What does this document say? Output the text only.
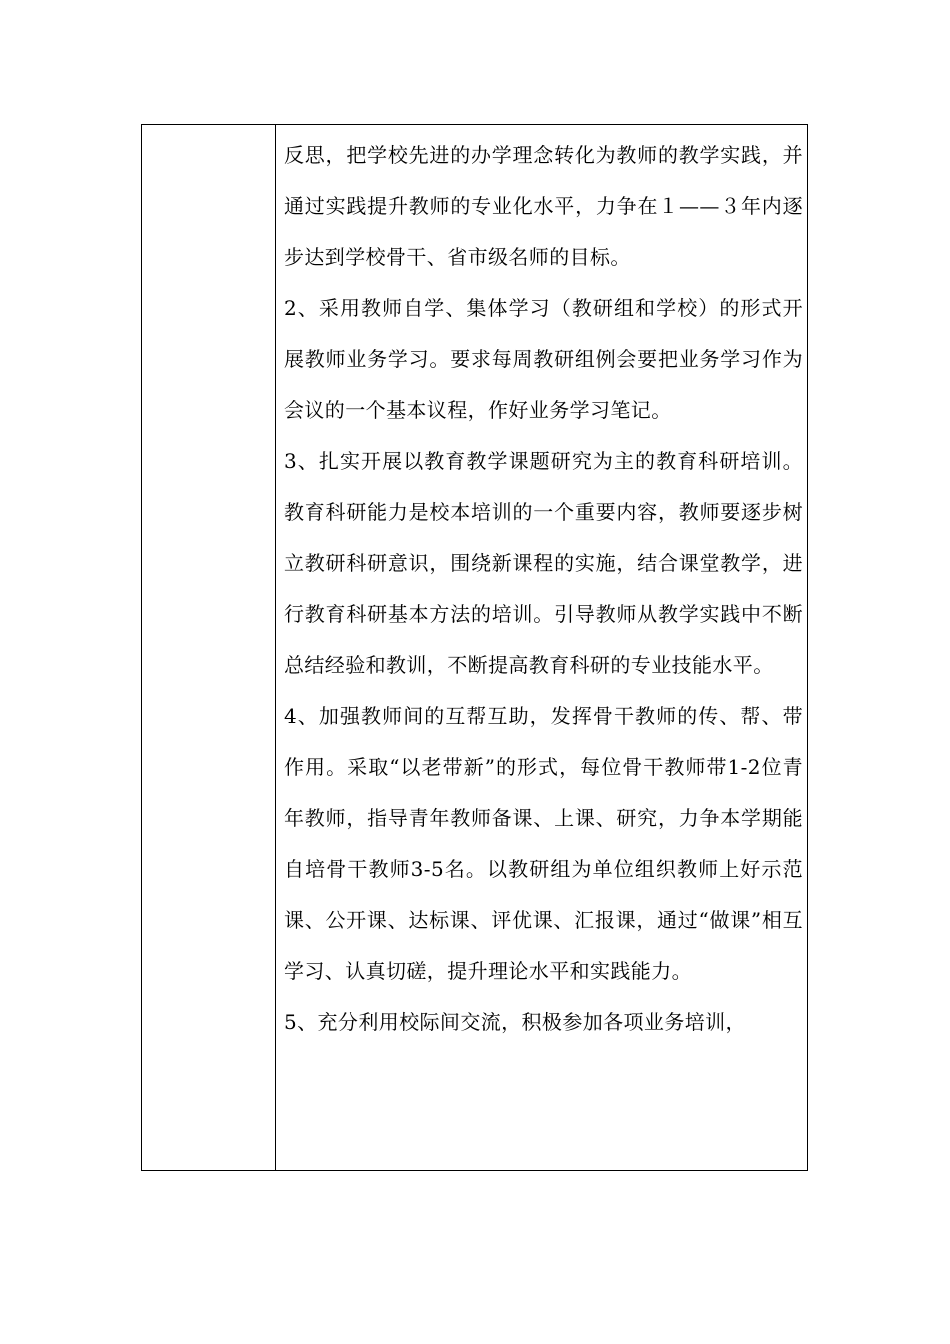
反思，把学校先进的办学理念转化为教师的教学实践，并通过实践提升教师的专业化水平，力争在１——３年内逐步达到学校骨干、省市级名师的目标。

2、采用教师自学、集体学习（教研组和学校）的形式开展教师业务学习。要求每周教研组例会要把业务学习作为会议的一个基本议程，作好业务学习笔记。

3、扎实开展以教育教学课题研究为主的教育科研培训。教育科研能力是校本培训的一个重要内容，教师要逐步树立教研科研意识，围绕新课程的实施，结合课堂教学，进行教育科研基本方法的培训。引导教师从教学实践中不断总结经验和教训，不断提高教育科研的专业技能水平。

4、加强教师间的互帮互助，发挥骨干教师的传、帮、带作用。采取“以老带新”的形式，每位骨干教师带1-2位青年教师，指导青年教师备课、上课、研究，力争本学期能自培骨干教师3-5名。以教研组为单位组织教师上好示范课、公开课、达标课、评优课、汇报课，通过“做课”相互学习、认真切磋，提升理论水平和实践能力。

5、充分利用校际间交流，积极参加各项业务培训，
